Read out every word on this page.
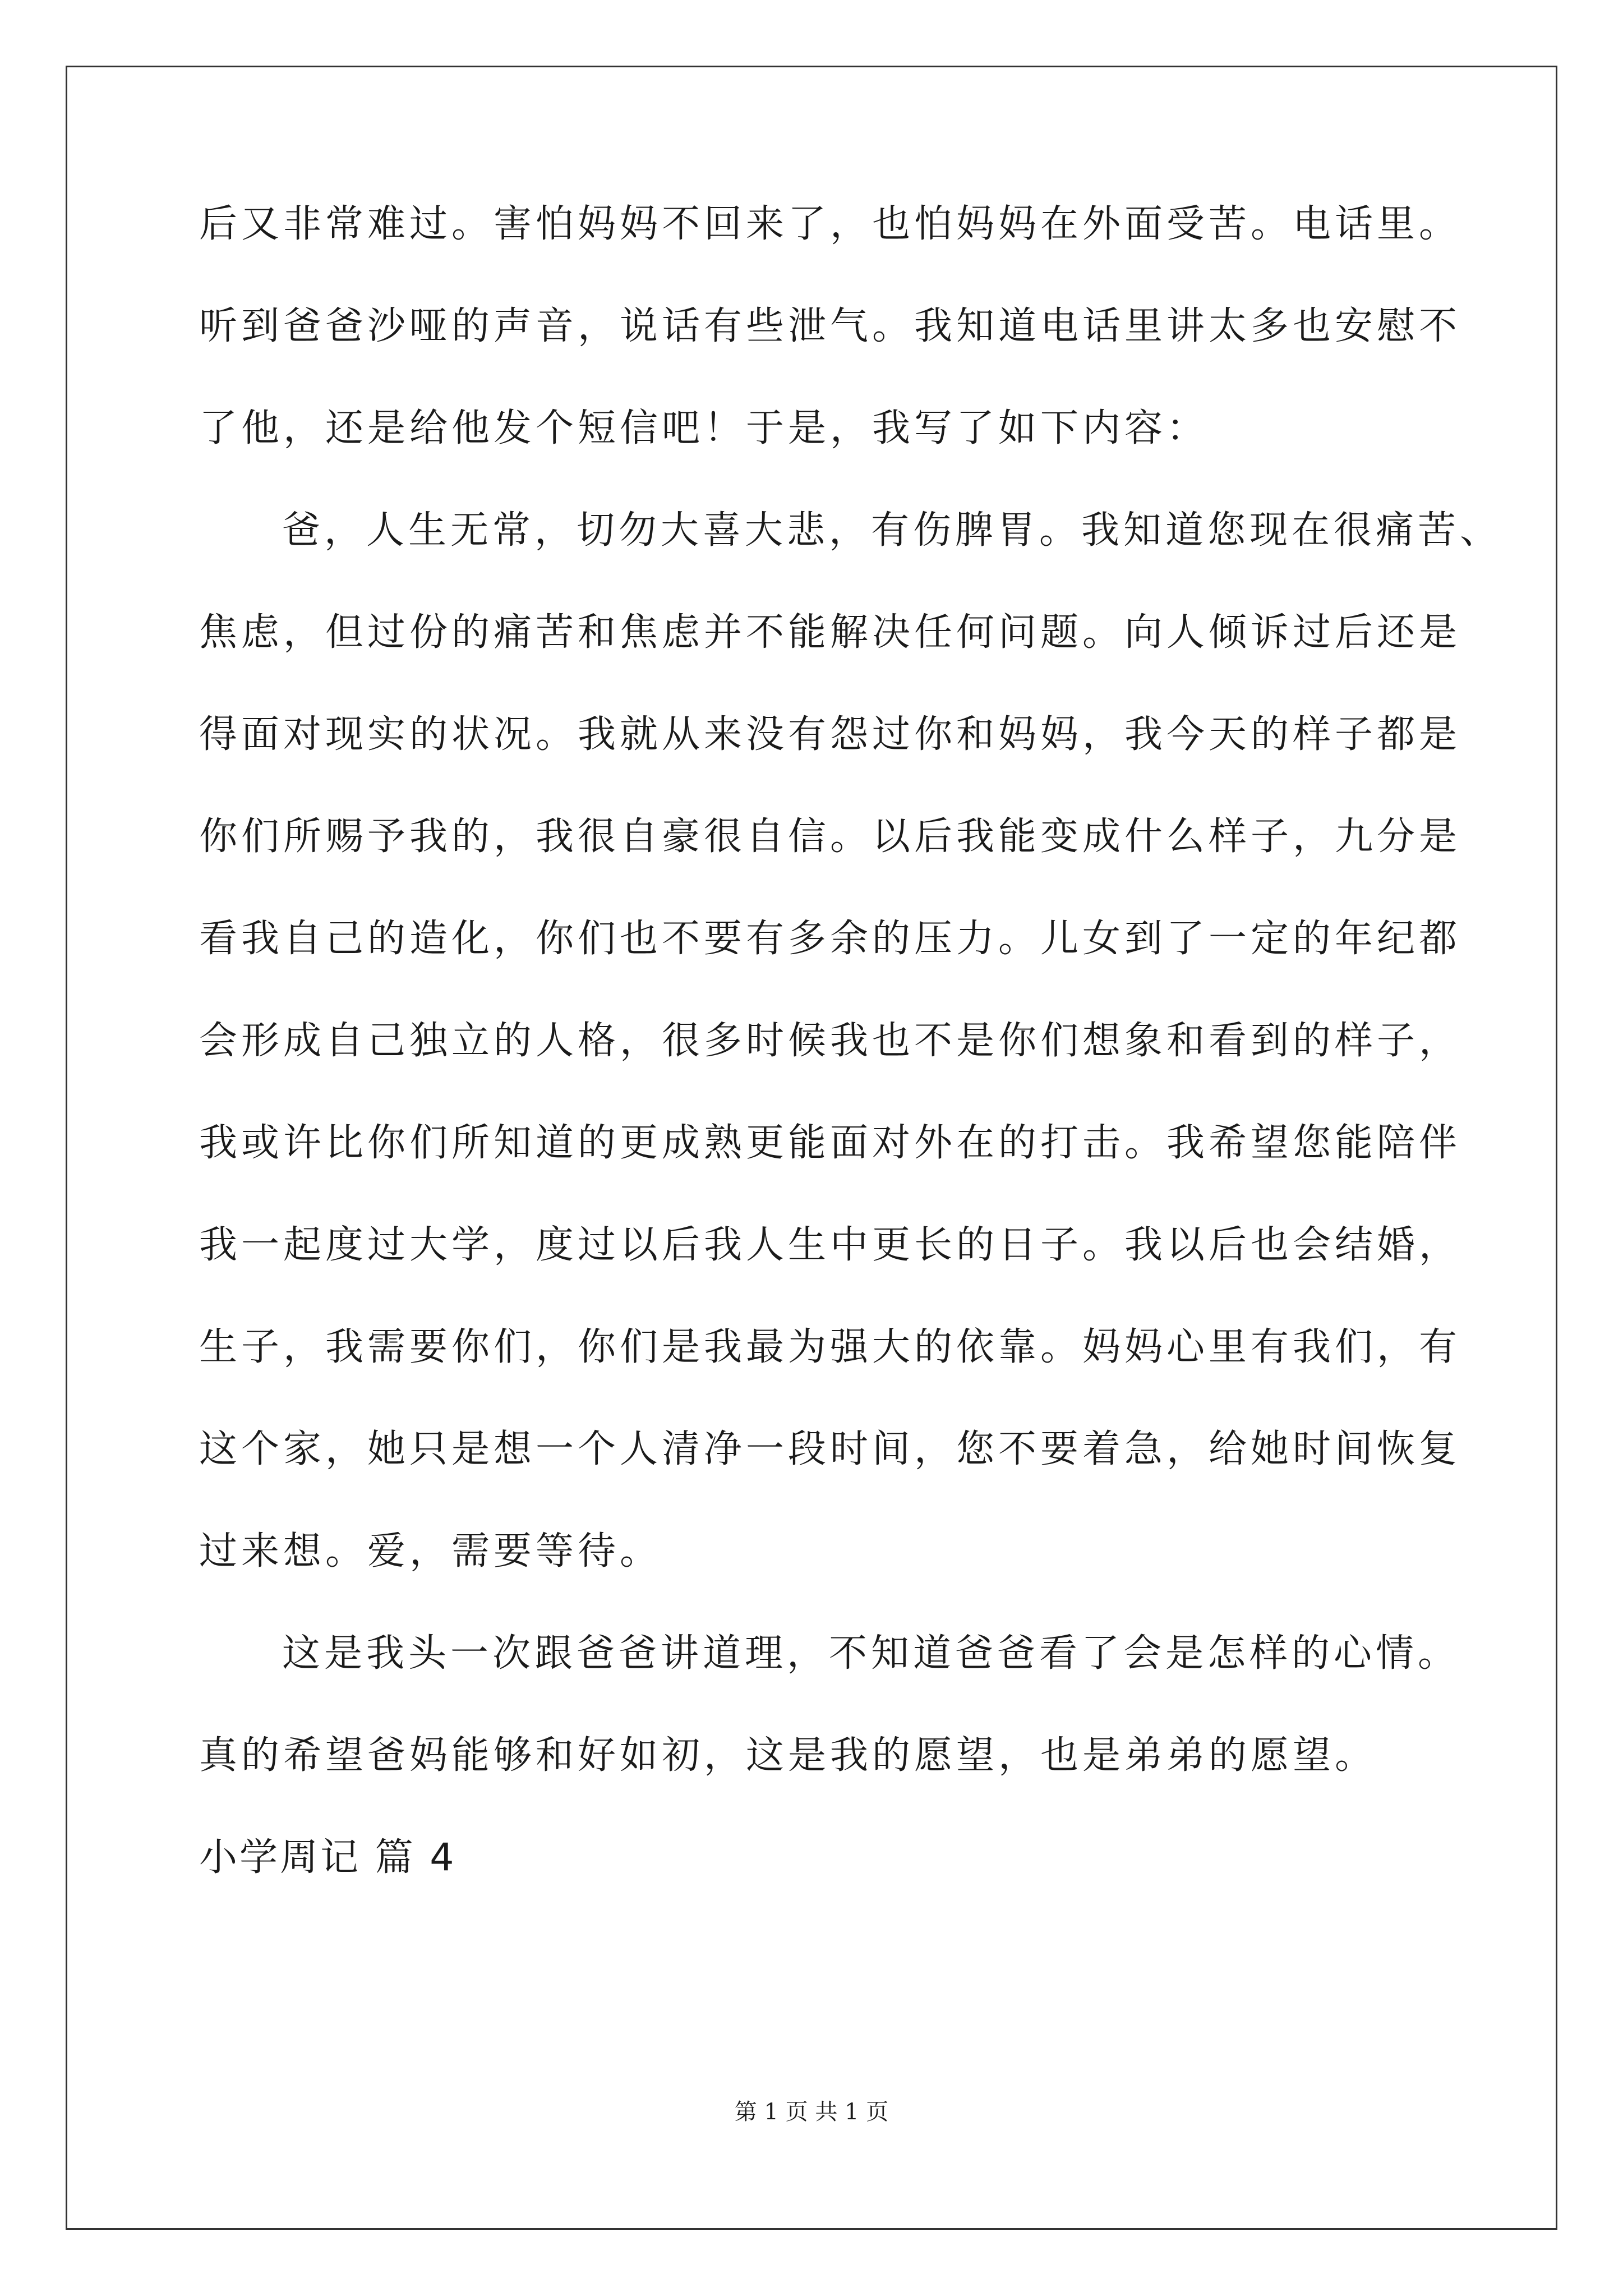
后又非常难过。害怕妈妈不回来了，也怕妈妈在外面受苦。电话里。
听到爸爸沙哑的声音，说话有些泄气。我知道电话里讲太多也安慰不
了他，还是给他发个短信吧！于是，我写了如下内容：
爸，人生无常，切勿大喜大悲，有伤脾胃。我知道您现在很痛苦、
焦虑，但过份的痛苦和焦虑并不能解决任何问题。向人倾诉过后还是
得面对现实的状况。我就从来没有怨过你和妈妈，我今天的样子都是
你们所赐予我的，我很自豪很自信。以后我能变成什么样子，九分是
看我自己的造化，你们也不要有多余的压力。儿女到了一定的年纪都
会形成自己独立的人格，很多时候我也不是你们想象和看到的样子，
我或许比你们所知道的更成熟更能面对外在的打击。我希望您能陪伴
我一起度过大学，度过以后我人生中更长的日子。我以后也会结婚，
生子，我需要你们，你们是我最为强大的依靠。妈妈心里有我们，有
这个家，她只是想一个人清净一段时间，您不要着急，给她时间恢复
过来想。爱，需要等待。
这是我头一次跟爸爸讲道理，不知道爸爸看了会是怎样的心情。
真的希望爸妈能够和好如初，这是我的愿望，也是弟弟的愿望。
小学周记 篇 4
第 1 页 共 1 页
